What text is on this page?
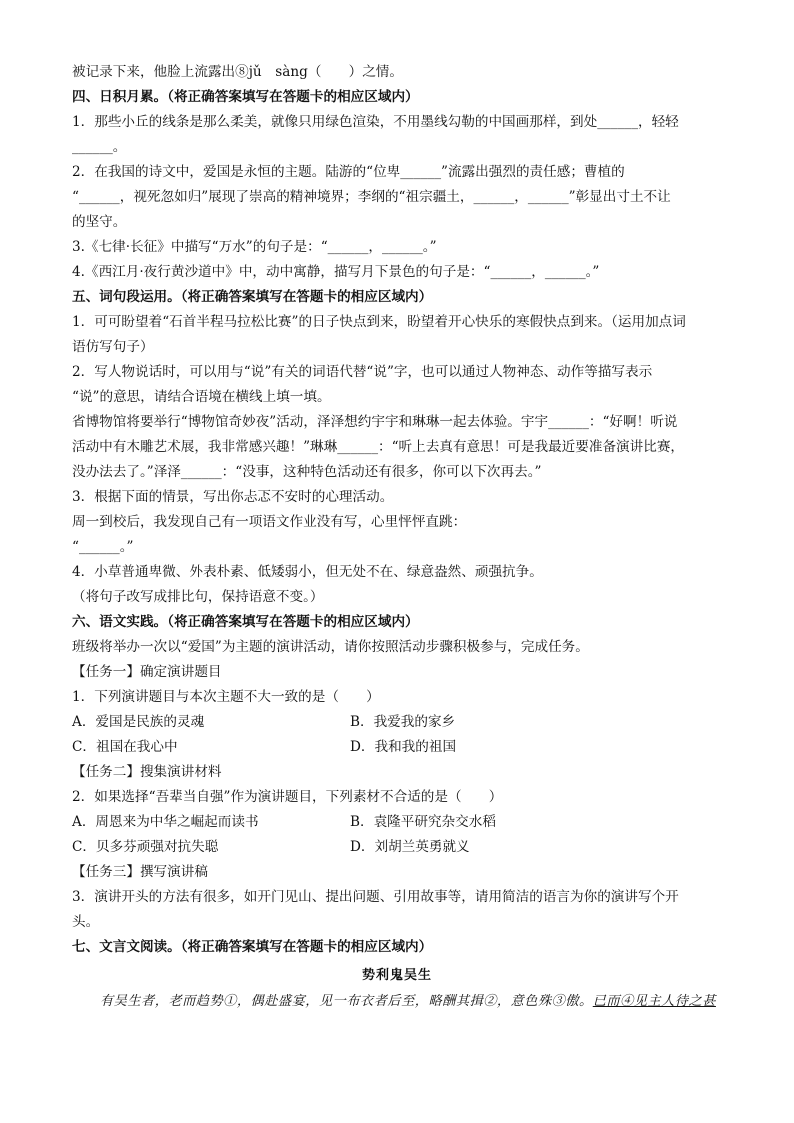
被记录下来，他脸上流露出⑧jǔ　sàng（　　）之情。
四、日积月累。（将正确答案填写在答题卡的相应区域内）
1．那些小丘的线条是那么柔美，就像只用绿色渲染，不用墨线勾勒的中国画那样，到处______，轻轻
______。
2．在我国的诗文中，爱国是永恒的主题。陆游的“位卑______”流露出强烈的责任感；曹植的
“______，视死忽如归”展现了崇高的精神境界；李纲的“祖宗疆土，______，______”彰显出寸土不让
的坚守。
3.《七律·长征》中描写“万水”的句子是：“______，______。”
4.《西江月·夜行黄沙道中》中，动中寓静，描写月下景色的句子是：“______，______。”
五、词句段运用。（将正确答案填写在答题卡的相应区域内）
1．可可盼望着“石首半程马拉松比赛”的日子快点到来，盼望着开心快乐的寒假快点到来。（运用加点词
语仿写句子）
2．写人物说话时，可以用与“说”有关的词语代替“说”字，也可以通过人物神态、动作等描写表示
“说”的意思，请结合语境在横线上填一填。
省博物馆将要举行“博物馆奇妙夜”活动，泽泽想约宇宇和琳琳一起去体验。宇宇______：“好啊！听说
活动中有木雕艺术展，我非常感兴趣！”琳琳______：“听上去真有意思！可是我最近要准备演讲比赛，
没办法去了。”泽泽______：“没事，这种特色活动还有很多，你可以下次再去。”
3．根据下面的情景，写出你忐忑不安时的心理活动。
周一到校后，我发现自己有一项语文作业没有写，心里怦怦直跳：
“______。”
4．小草普通卑微、外表朴素、低矮弱小，但无处不在、绿意盎然、顽强抗争。
（将句子改写成排比句，保持语意不变。）
六、语文实践。（将正确答案填写在答题卡的相应区域内）
班级将举办一次以“爱国”为主题的演讲活动，请你按照活动步骤积极参与，完成任务。
【任务一】确定演讲题目
1．下列演讲题目与本次主题不大一致的是（　　）
A．爱国是民族的灵魂	B．我爱我的家乡
C．祖国在我心中	D．我和我的祖国
【任务二】搜集演讲材料
2．如果选择“吾辈当自强”作为演讲题目，下列素材不合适的是（　　）
A．周恩来为中华之崛起而读书	B．袁隆平研究杂交水稻
C．贝多芬顽强对抗失聪	D．刘胡兰英勇就义
【任务三】撰写演讲稿
3．演讲开头的方法有很多，如开门见山、提出问题、引用故事等，请用简洁的语言为你的演讲写个开
头。
七、文言文阅读。（将正确答案填写在答题卡的相应区域内）
势利鬼吴生
有吴生者，老而趋势①，偶赴盛宴，见一布衣者后至，略酬其揖②，意色殊③傲。已而④见主人待之甚
